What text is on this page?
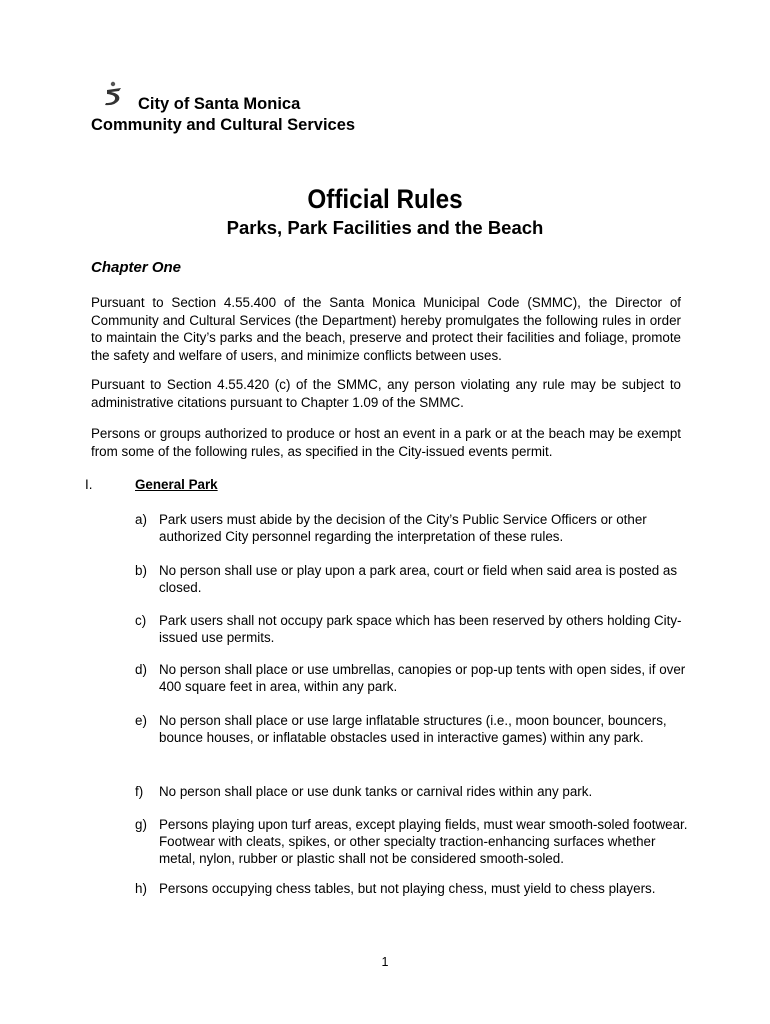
City of Santa Monica
Community and Cultural Services
Official Rules
Parks, Park Facilities and the Beach
Chapter One
Pursuant to Section 4.55.400 of the Santa Monica Municipal Code (SMMC), the Director of Community and Cultural Services (the Department) hereby promulgates the following rules in order to maintain the City’s parks and the beach, preserve and protect their facilities and foliage, promote the safety and welfare of users, and minimize conflicts between uses.
Pursuant to Section 4.55.420 (c) of the SMMC, any person violating any rule may be subject to administrative citations pursuant to Chapter 1.09 of the SMMC.
Persons or groups authorized to produce or host an event in a park or at the beach may be exempt from some of the following rules, as specified in the City-issued events permit.
I.	General Park
a) Park users must abide by the decision of the City’s Public Service Officers or other authorized City personnel regarding the interpretation of these rules.
b) No person shall use or play upon a park area, court or field when said area is posted as closed.
c) Park users shall not occupy park space which has been reserved by others holding City-issued use permits.
d) No person shall place or use umbrellas, canopies or pop-up tents with open sides, if over 400 square feet in area, within any park.
e) No person shall place or use large inflatable structures (i.e., moon bouncer, bouncers, bounce houses, or inflatable obstacles used in interactive games) within any park.
f) No person shall place or use dunk tanks or carnival rides within any park.
g) Persons playing upon turf areas, except playing fields, must wear smooth-soled footwear. Footwear with cleats, spikes, or other specialty traction-enhancing surfaces whether metal, nylon, rubber or plastic shall not be considered smooth-soled.
h) Persons occupying chess tables, but not playing chess, must yield to chess players.
1
